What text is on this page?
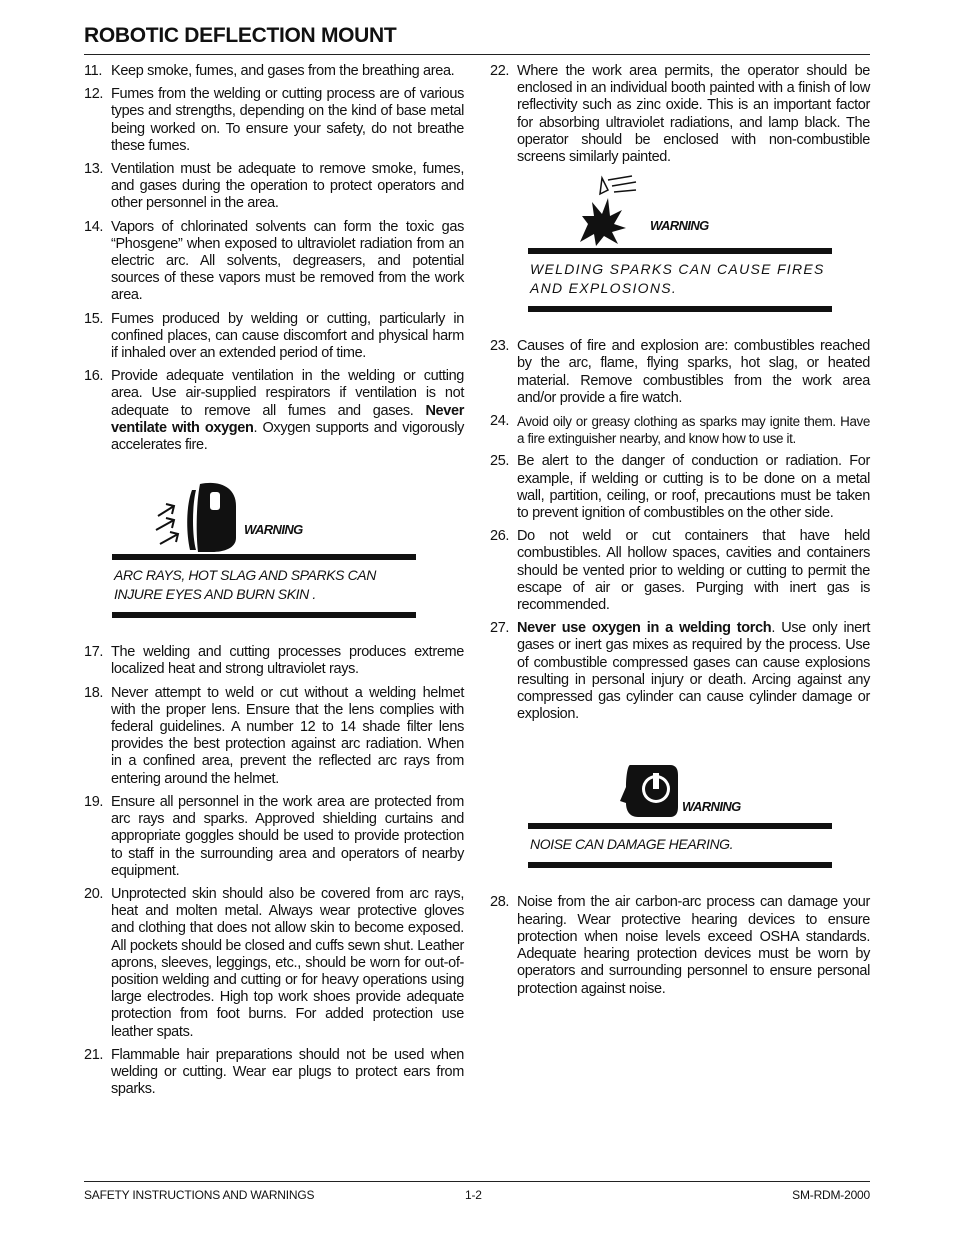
ROBOTIC DEFLECTION MOUNT
11. Keep smoke, fumes, and gases from the breathing area.
12. Fumes from the welding or cutting process are of various types and strengths, depending on the kind of base metal being worked on. To ensure your safety, do not breathe these fumes.
13. Ventilation must be adequate to remove smoke, fumes, and gases during the operation to protect operators and other personnel in the area.
14. Vapors of chlorinated solvents can form the toxic gas “Phosgene” when exposed to ultraviolet radiation from an electric arc. All solvents, degreasers, and potential sources of these vapors must be removed from the work area.
15. Fumes produced by welding or cutting, particularly in confined places, can cause discomfort and physical harm if inhaled over an extended period of time.
16. Provide adequate ventilation in the welding or cutting area. Use air-supplied respirators if ventilation is not adequate to remove all fumes and gases. Never ventilate with oxygen. Oxygen supports and vigorously accelerates fire.
WARNING
ARC RAYS, HOT SLAG AND SPARKS CAN INJURE EYES AND BURN SKIN .
17. The welding and cutting processes produces extreme localized heat and strong ultraviolet rays.
18. Never attempt to weld or cut without a welding helmet with the proper lens. Ensure that the lens complies with federal guidelines. A number 12 to 14 shade filter lens provides the best protection against arc radiation. When in a confined area, prevent the reflected arc rays from entering around the helmet.
19. Ensure all personnel in the work area are protected from arc rays and sparks. Approved shielding curtains and appropriate goggles should be used to provide protection to staff in the surrounding area and operators of nearby equipment.
20. Unprotected skin should also be covered from arc rays, heat and molten metal. Always wear protective gloves and clothing that does not allow skin to become exposed. All pockets should be closed and cuffs sewn shut. Leather aprons, sleeves, leggings, etc., should be worn for out-of-position welding and cutting or for heavy operations using large electrodes. High top work shoes provide adequate protection from foot burns. For added protection use leather spats.
21. Flammable hair preparations should not be used when welding or cutting. Wear ear plugs to protect ears from sparks.
22. Where the work area permits, the operator should be enclosed in an individual booth painted with a finish of low reflectivity such as zinc oxide. This is an important factor for absorbing ultraviolet radiations, and lamp black. The operator should be enclosed with non-combustible screens similarly painted.
WARNING
WELDING SPARKS CAN CAUSE FIRES AND EXPLOSIONS.
23. Causes of fire and explosion are: combustibles reached by the arc, flame, flying sparks, hot slag, or heated material. Remove combustibles from the work area and/or provide a fire watch.
24. Avoid oily or greasy clothing as sparks may ignite them. Have a fire extinguisher nearby, and know how to use it.
25. Be alert to the danger of conduction or radiation. For example, if welding or cutting is to be done on a metal wall, partition, ceiling, or roof, precautions must be taken to prevent ignition of combustibles on the other side.
26. Do not weld or cut containers that have held combustibles. All hollow spaces, cavities and containers should be vented prior to welding or cutting to permit the escape of air or gases. Purging with inert gas is recommended.
27. Never use oxygen in a welding torch. Use only inert gases or inert gas mixes as required by the process. Use of combustible compressed gases can cause explosions resulting in personal injury or death. Arcing against any compressed gas cylinder can cause cylinder damage or explosion.
WARNING
NOISE CAN DAMAGE HEARING.
28. Noise from the air carbon-arc process can damage your hearing. Wear protective hearing devices to ensure protection when noise levels exceed OSHA standards. Adequate hearing protection devices must be worn by operators and surrounding personnel to ensure personal protection against noise.
SAFETY INSTRUCTIONS AND WARNINGS	1-2	SM-RDM-2000
